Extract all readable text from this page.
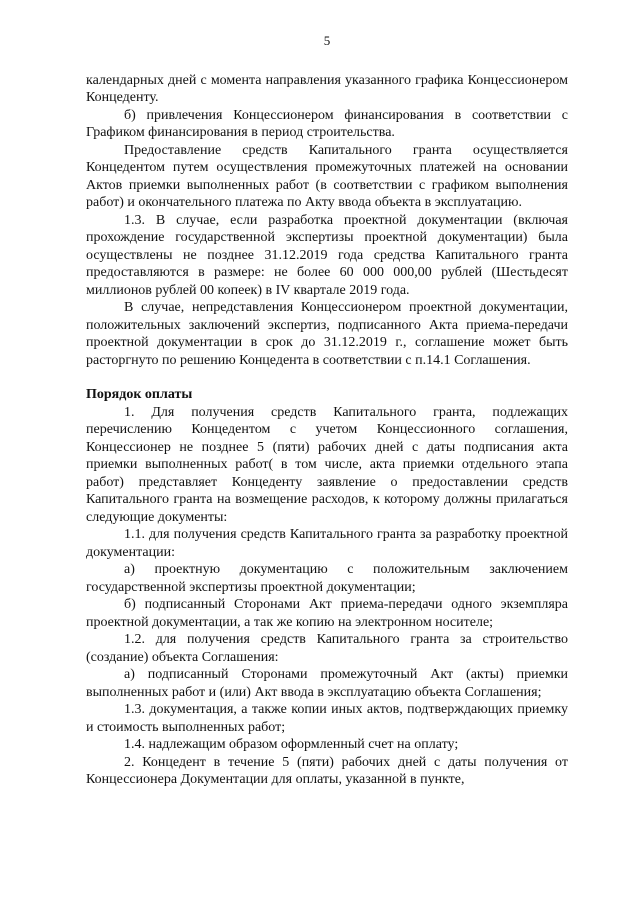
5

календарных дней с момента направления указанного графика Концессионером Концеденту.

б) привлечения Концессионером финансирования в соответствии с Графиком финансирования в период строительства.

Предоставление средств Капитального гранта осуществляется Концедентом путем осуществления промежуточных платежей на основании Актов приемки выполненных работ (в соответствии с графиком выполнения работ) и окончательного платежа по Акту ввода объекта в эксплуатацию.

1.3. В случае, если разработка проектной документации (включая прохождение государственной экспертизы проектной документации) была осуществлены не позднее 31.12.2019 года средства Капитального гранта предоставляются в размере: не более 60 000 000,00 рублей (Шестьдесят миллионов рублей 00 копеек) в IV квартале 2019 года.

В случае, непредставления Концессионером проектной документации, положительных заключений экспертиз, подписанного Акта приема-передачи проектной документации в срок до 31.12.2019 г., соглашение может быть расторгнуто по решению Концедента в соответствии с п.14.1 Соглашения.

Порядок оплаты

1. Для получения средств Капитального гранта, подлежащих перечислению Концедентом с учетом Концессионного соглашения, Концессионер не позднее 5 (пяти) рабочих дней с даты подписания акта приемки выполненных работ( в том числе, акта приемки отдельного этапа работ) представляет Концеденту заявление о предоставлении средств Капитального гранта на возмещение расходов, к которому должны прилагаться следующие документы:

1.1. для получения средств Капитального гранта за разработку проектной документации:

а) проектную документацию с положительным заключением государственной экспертизы проектной документации;

б) подписанный Сторонами Акт приема-передачи одного экземпляра проектной документации, а так же копию на электронном носителе;

1.2. для получения средств Капитального гранта за строительство (создание) объекта Соглашения:

а) подписанный Сторонами промежуточный Акт (акты) приемки выполненных работ и (или) Акт ввода в эксплуатацию объекта Соглашения;

1.3. документация, а также копии иных актов, подтверждающих приемку и стоимость выполненных работ;

1.4. надлежащим образом оформленный счет на оплату;

2. Концедент в течение 5 (пяти) рабочих дней с даты получения от Концессионера Документации для оплаты, указанной в пункте,
